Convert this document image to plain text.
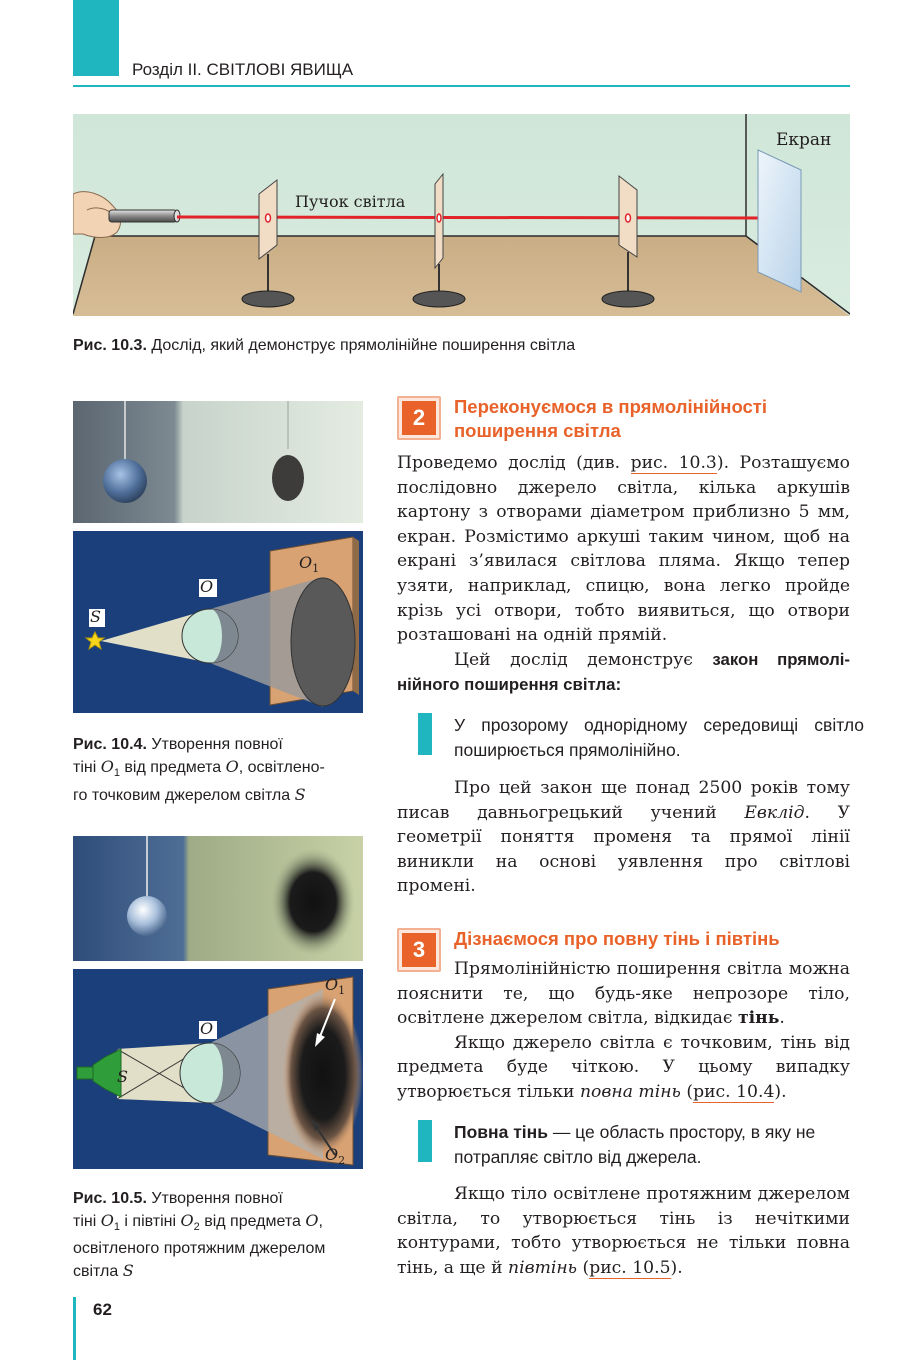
Розділ II. СВІТЛОВІ ЯВИЩА
Екран
Пучок світла
Рис. 10.3. Дослід, який демонструє прямолінійне поширення світла
S
O
$O_1$
Рис. 10.4. Утворення повної
тіні $O_1$ від предмета O, освітлено-
го точковим джерелом світла S
S
O
$O_1$
$O_2$
Рис. 10.5. Утворення повної
тіні $O_1$ і півтіні $O_2$ від предмета O,
освітленого протяжним джерелом
світла S
2	Переконуємося в прямолінійності
поширення світла

Проведемо дослід (див. рис. 10.3). Розташуємо послідовно джерело світла, кілька аркушів картону з отворами діаметром приблизно 5 мм, екран. Розмістимо аркуші таким чином, щоб на екрані з’явилася світлова пляма. Якщо тепер узяти, наприклад, спицю, вона легко пройде крізь усі отвори, тобто виявиться, що отвори розташовані на одній прямій.

Цей дослід демонструє закон прямолінійного поширення світла:

У прозорому однорідному середовищі світло поширюється прямолінійно.

Про цей закон ще понад 2500 років тому писав давньогрецький учений Евклід. У геометрії поняття променя та прямої лінії виникли на основі уявлення про світлові промені.

3	Дізнаємося про повну тінь і півтінь

Прямолінійністю поширення світла можна пояснити те, що будь-яке непрозоре тіло, освітлене джерелом світла, відкидає тінь.

Якщо джерело світла є точковим, тінь від предмета буде чіткою. У цьому випадку утворюється тільки повна тінь (рис. 10.4).

Повна тінь — це область простору, в яку не потрапляє світло від джерела.

Якщо тіло освітлене протяжним джерелом світла, то утворюється тінь із нечіткими контурами, тобто утворюється не тільки повна тінь, а ще й півтінь (рис. 10.5).

62
